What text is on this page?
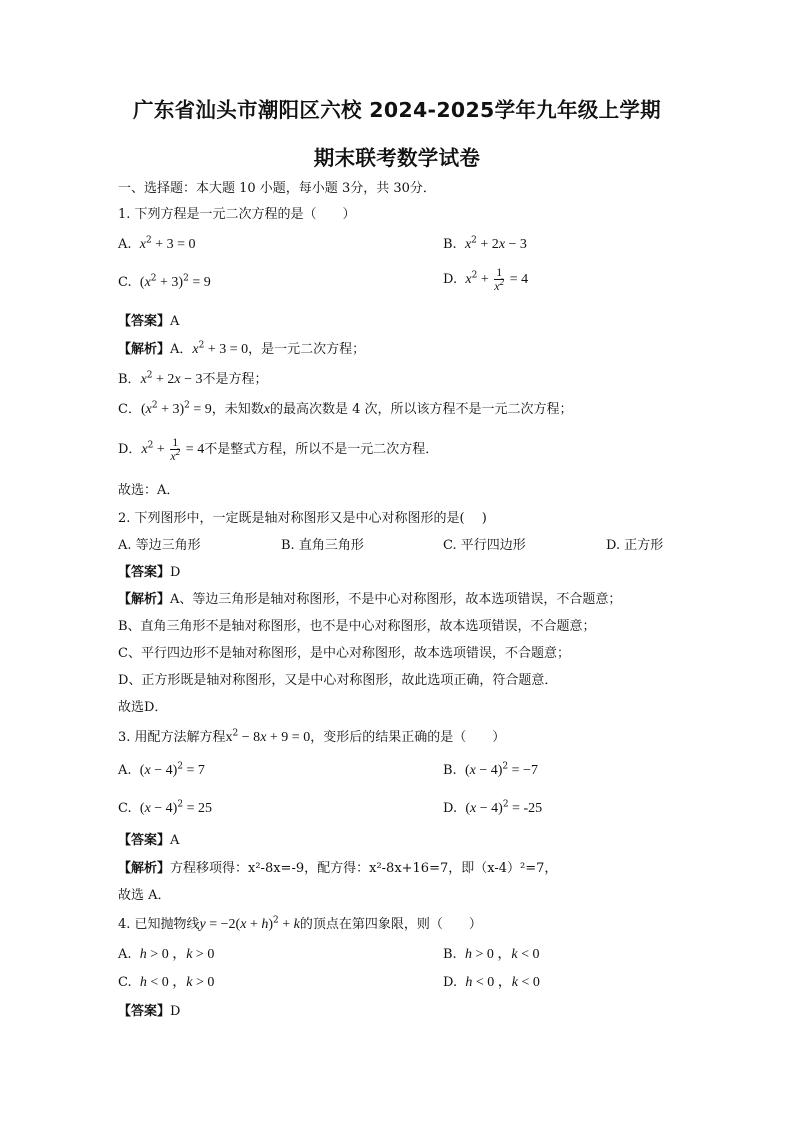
广东省汕头市潮阳区六校 2024-2025学年九年级上学期
期末联考数学试卷
一、选择题：本大题 10 小题，每小题 3分，共 30分．
1. 下列方程是一元二次方程的是（　　）
A. $x^2 + 3 = 0$	B. $x^2 + 2x - 3$
C. $(x^2 + 3)^2 = 9$	D. $x^2 + \frac{1}{x^2} = 4$
【答案】A
【解析】A．$x^2 + 3 = 0$，是一元二次方程；
B．$x^2 + 2x - 3$不是方程；
C．$(x^2 + 3)^2 = 9$，未知数x的最高次数是 4 次，所以该方程不是一元二次方程；
D．$x^2 + \frac{1}{x^2} = 4$不是整式方程，所以不是一元二次方程．
故选：A．
2. 下列图形中，一定既是轴对称图形又是中心对称图形的是(　 )
A. 等边三角形	B. 直角三角形	C. 平行四边形	D. 正方形
【答案】D
【解析】A、等边三角形是轴对称图形，不是中心对称图形，故本选项错误，不合题意；
B、直角三角形不是轴对称图形，也不是中心对称图形，故本选项错误，不合题意；
C、平行四边形不是轴对称图形，是中心对称图形，故本选项错误，不合题意；
D、正方形既是轴对称图形，又是中心对称图形，故此选项正确，符合题意．
故选D．
3. 用配方法解方程$x^2 - 8x + 9 = 0$，变形后的结果正确的是（　　）
A. $(x - 4)^2 = 7$	B. $(x - 4)^2 = -7$
C. $(x - 4)^2 = 25$	D. $(x - 4)^2 = -25$
【答案】A
【解析】方程移项得：x²-8x=-9，配方得：x²-8x+16=7，即（x-4）²=7，
故选 A．
4. 已知抛物线$y = -2(x + h)^2 + k$的顶点在第四象限，则（　　）
A. h > 0 ，k > 0	B. h > 0 ，k < 0
C. h < 0 ，k > 0	D. h < 0 ，k < 0
【答案】D
